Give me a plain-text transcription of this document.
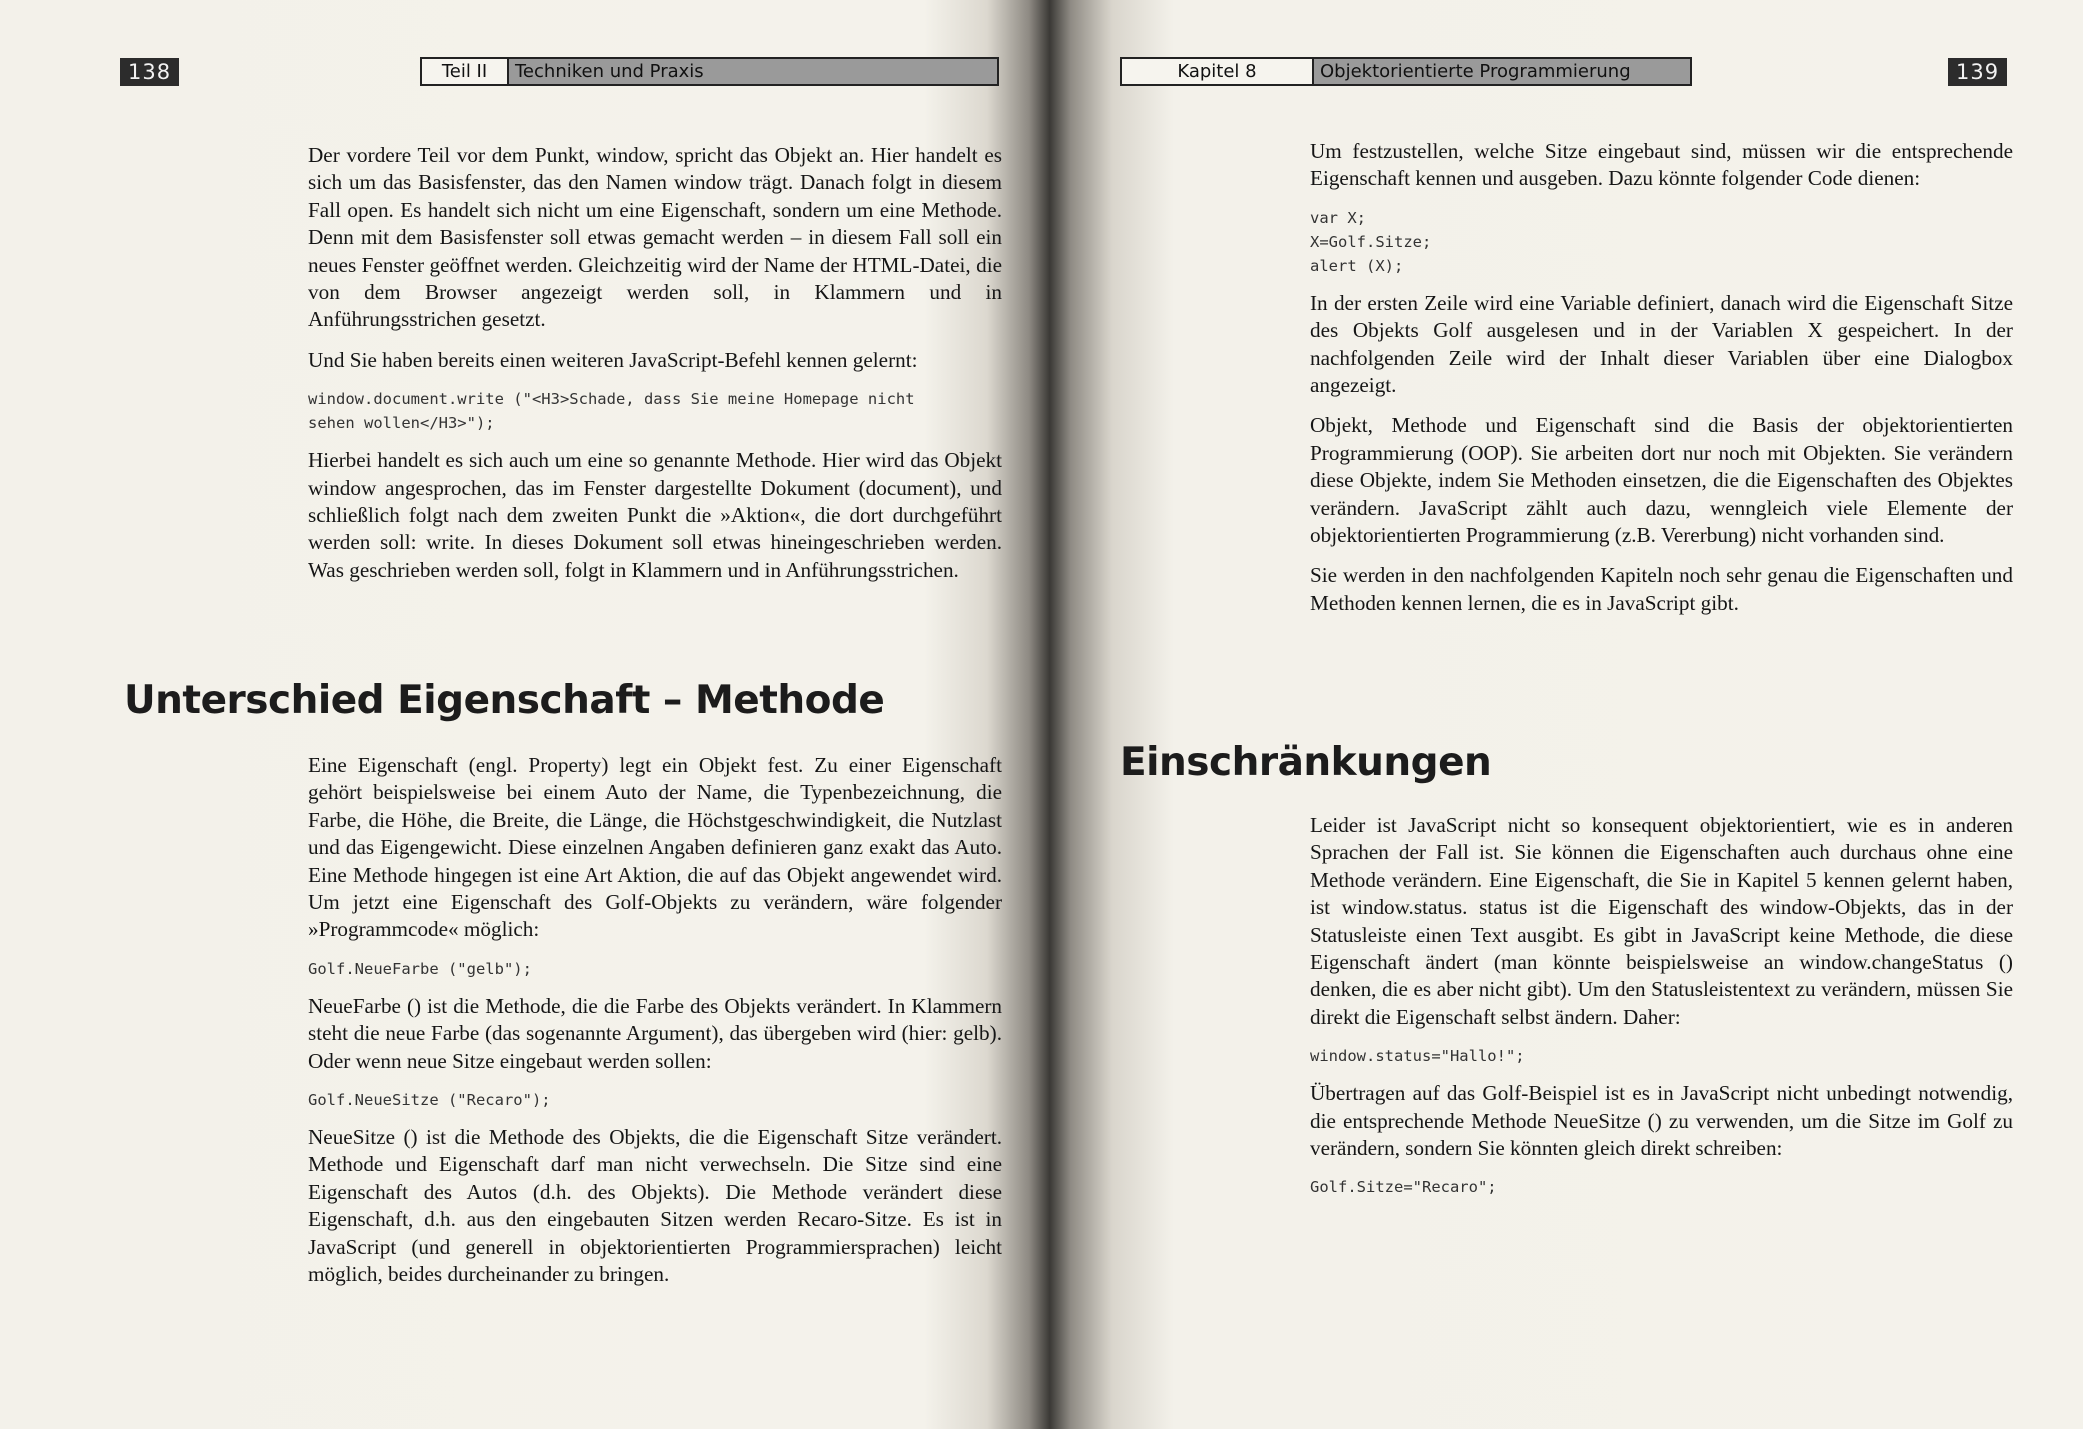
138	Teil II	Techniken und Praxis

Der vordere Teil vor dem Punkt, window, spricht das Objekt an. Hier handelt es sich um das Basisfenster, das den Namen window trägt. Danach folgt in diesem Fall open. Es handelt sich nicht um eine Eigenschaft, sondern um eine Methode. Denn mit dem Basisfenster soll etwas gemacht werden – in diesem Fall soll ein neues Fenster geöffnet werden. Gleichzeitig wird der Name der HTML-Datei, die von dem Browser angezeigt werden soll, in Klammern und in Anführungsstrichen gesetzt.

Und Sie haben bereits einen weiteren JavaScript-Befehl kennen gelernt:

window.document.write ("<H3>Schade, dass Sie meine Homepage nicht
sehen wollen</H3>");

Hierbei handelt es sich auch um eine so genannte Methode. Hier wird das Objekt window angesprochen, das im Fenster dargestellte Dokument (document), und schließlich folgt nach dem zweiten Punkt die »Aktion«, die dort durchgeführt werden soll: write. In dieses Dokument soll etwas hineingeschrieben werden. Was geschrieben werden soll, folgt in Klammern und in Anführungsstrichen.

Unterschied Eigenschaft – Methode

Eine Eigenschaft (engl. Property) legt ein Objekt fest. Zu einer Eigenschaft gehört beispielsweise bei einem Auto der Name, die Typenbezeichnung, die Farbe, die Höhe, die Breite, die Länge, die Höchstgeschwindigkeit, die Nutzlast und das Eigengewicht. Diese einzelnen Angaben definieren ganz exakt das Auto. Eine Methode hingegen ist eine Art Aktion, die auf das Objekt angewendet wird. Um jetzt eine Eigenschaft des Golf-Objekts zu verändern, wäre folgender »Programmcode« möglich:

Golf.NeueFarbe ("gelb");

NeueFarbe () ist die Methode, die die Farbe des Objekts verändert. In Klammern steht die neue Farbe (das sogenannte Argument), das übergeben wird (hier: gelb). Oder wenn neue Sitze eingebaut werden sollen:

Golf.NeueSitze ("Recaro");

NeueSitze () ist die Methode des Objekts, die die Eigenschaft Sitze verändert. Methode und Eigenschaft darf man nicht verwechseln. Die Sitze sind eine Eigenschaft des Autos (d.h. des Objekts). Die Methode verändert diese Eigenschaft, d.h. aus den eingebauten Sitzen werden Recaro-Sitze. Es ist in JavaScript (und generell in objektorientierten Programmiersprachen) leicht möglich, beides durcheinander zu bringen.

Kapitel 8	Objektorientierte Programmierung	139

Um festzustellen, welche Sitze eingebaut sind, müssen wir die entsprechende Eigenschaft kennen und ausgeben. Dazu könnte folgender Code dienen:

var X;
X=Golf.Sitze;
alert (X);

In der ersten Zeile wird eine Variable definiert, danach wird die Eigenschaft Sitze des Objekts Golf ausgelesen und in der Variablen X gespeichert. In der nachfolgenden Zeile wird der Inhalt dieser Variablen über eine Dialogbox angezeigt.

Objekt, Methode und Eigenschaft sind die Basis der objektorientierten Programmierung (OOP). Sie arbeiten dort nur noch mit Objekten. Sie verändern diese Objekte, indem Sie Methoden einsetzen, die die Eigenschaften des Objektes verändern. JavaScript zählt auch dazu, wenngleich viele Elemente der objektorientierten Programmierung (z.B. Vererbung) nicht vorhanden sind.

Sie werden in den nachfolgenden Kapiteln noch sehr genau die Eigenschaften und Methoden kennen lernen, die es in JavaScript gibt.

Einschränkungen

Leider ist JavaScript nicht so konsequent objektorientiert, wie es in anderen Sprachen der Fall ist. Sie können die Eigenschaften auch durchaus ohne eine Methode verändern. Eine Eigenschaft, die Sie in Kapitel 5 kennen gelernt haben, ist window.status. status ist die Eigenschaft des window-Objekts, das in der Statusleiste einen Text ausgibt. Es gibt in JavaScript keine Methode, die diese Eigenschaft ändert (man könnte beispielsweise an window.changeStatus () denken, die es aber nicht gibt). Um den Statusleistentext zu verändern, müssen Sie direkt die Eigenschaft selbst ändern. Daher:

window.status="Hallo!";

Übertragen auf das Golf-Beispiel ist es in JavaScript nicht unbedingt notwendig, die entsprechende Methode NeueSitze () zu verwenden, um die Sitze im Golf zu verändern, sondern Sie könnten gleich direkt schreiben:

Golf.Sitze="Recaro";
